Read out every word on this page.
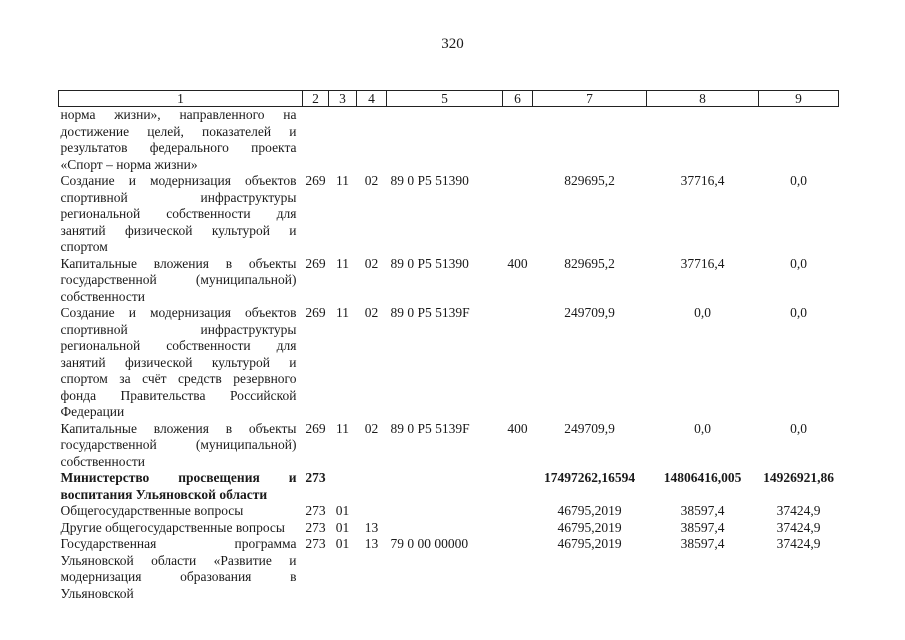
320
1	2	3	4	5	6	7	8	9
норма жизни», направленного на достижение целей, показателей и результатов федерального проекта «Спорт – норма жизни»								
Создание и модернизация объектов спортивной инфраструктуры региональной собственности для занятий физической культурой и спортом	269	11	02	89 0 P5 51390		829695,2	37716,4	0,0
Капитальные вложения в объекты государственной (муниципальной) собственности	269	11	02	89 0 P5 51390	400	829695,2	37716,4	0,0
Создание и модернизация объектов спортивной инфраструктуры региональной собственности для занятий физической культурой и спортом за счёт средств резервного фонда Правительства Российской Федерации	269	11	02	89 0 P5 5139F		249709,9	0,0	0,0
Капитальные вложения в объекты государственной (муниципальной) собственности	269	11	02	89 0 P5 5139F	400	249709,9	0,0	0,0
Министерство просвещения и воспитания Ульяновской области	273					17497262,16594	14806416,005	14926921,86
Общегосударственные вопросы	273	01				46795,2019	38597,4	37424,9
Другие общегосударственные вопросы	273	01	13			46795,2019	38597,4	37424,9
Государственная программа Ульяновской области «Развитие и модернизация образования в Ульяновской	273	01	13	79 0 00 00000		46795,2019	38597,4	37424,9
